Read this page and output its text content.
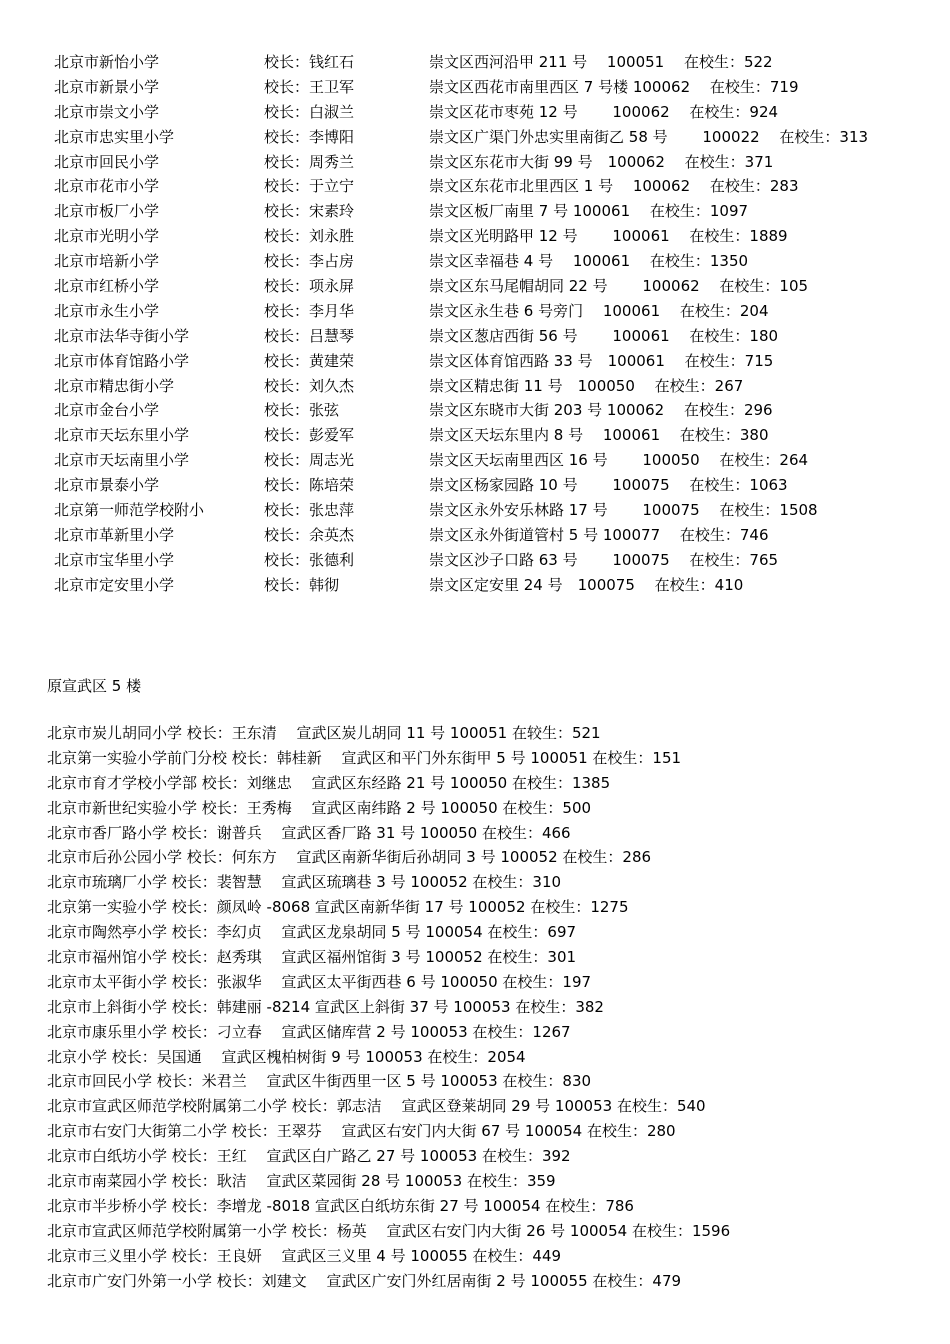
北京市新怡小学	校长：钱红石	崇文区西河沿甲 211 号　 100051　 在校生：522
北京市新景小学	校长：王卫军	崇文区西花市南里西区 7 号楼 100062　 在校生：719
北京市崇文小学	校长：白淑兰	崇文区花市枣苑 12 号　　 100062　 在校生：924
北京市忠实里小学	校长：李博阳	崇文区广渠门外忠实里南街乙 58 号　　 100022　 在校生：313
北京市回民小学	校长：周秀兰	崇文区东花市大街 99 号　100062　 在校生：371
北京市花市小学	校长：于立宁	崇文区东花市北里西区 1 号　 100062　 在校生：283
北京市板厂小学	校长：宋素玲	崇文区板厂南里 7 号 100061　 在校生：1097
北京市光明小学	校长：刘永胜	崇文区光明路甲 12 号　　 100061　 在校生：1889
北京市培新小学	校长：李占房	崇文区幸福巷 4 号　 100061　 在校生：1350
北京市红桥小学	校长：项永屏	崇文区东马尾帽胡同 22 号　　 100062　 在校生：105
北京市永生小学	校长：李月华	崇文区永生巷 6 号旁门　 100061　 在校生：204
北京市法华寺街小学	校长：吕慧琴	崇文区葱店西街 56 号　　 100061　 在校生：180
北京市体育馆路小学	校长：黄建荣	崇文区体育馆西路 33 号　100061　 在校生：715
北京市精忠街小学	校长：刘久杰	崇文区精忠街 11 号　100050　 在校生：267
北京市金台小学	校长：张弦	崇文区东晓市大街 203 号 100062　 在校生：296
北京市天坛东里小学	校长：彭爱军	崇文区天坛东里内 8 号　 100061　 在校生：380
北京市天坛南里小学	校长：周志光	崇文区天坛南里西区 16 号　　 100050　 在校生：264
北京市景泰小学	校长：陈培荣	崇文区杨家园路 10 号　　 100075　 在校生：1063
北京第一师范学校附小	校长：张忠萍	崇文区永外安乐林路 17 号　　 100075　 在校生：1508
北京市革新里小学	校长：余英杰	崇文区永外街道管村 5 号 100077　 在校生：746
北京市宝华里小学	校长：张德利	崇文区沙子口路 63 号　　 100075　 在校生：765
北京市定安里小学	校长：韩彻	崇文区定安里 24 号　100075　 在校生：410
原宣武区 5 楼
北京市炭儿胡同小学 校长：王东清　 宣武区炭儿胡同 11 号 100051 在较生：521
北京第一实验小学前门分校 校长：韩桂新　 宣武区和平门外东街甲 5 号 100051 在校生：151
北京市育才学校小学部 校长：刘继忠　 宣武区东经路 21 号 100050 在校生：1385
北京市新世纪实验小学 校长：王秀梅　 宣武区南纬路 2 号 100050 在校生：500
北京市香厂路小学 校长：谢普兵　 宣武区香厂路 31 号 100050 在校生：466
北京市后孙公园小学 校长：何东方　 宣武区南新华街后孙胡同 3 号 100052 在校生：286
北京市琉璃厂小学 校长：裴智慧　 宣武区琉璃巷 3 号 100052 在校生：310
北京第一实验小学 校长：颜凤岭 -8068 宣武区南新华街 17 号 100052 在校生：1275
北京市陶然亭小学 校长：李幻贞　 宣武区龙泉胡同 5 号 100054 在校生：697
北京市福州馆小学 校长：赵秀琪　 宣武区福州馆街 3 号 100052 在校生：301
北京市太平街小学 校长：张淑华　 宣武区太平街西巷 6 号 100050 在校生：197
北京市上斜街小学 校长：韩建丽 -8214 宣武区上斜街 37 号 100053 在校生：382
北京市康乐里小学 校长：刁立春　 宣武区储库营 2 号 100053 在校生：1267
北京小学 校长：吴国通　 宣武区槐柏树街 9 号 100053 在校生：2054
北京市回民小学 校长：米君兰　 宣武区牛街西里一区 5 号 100053 在校生：830
北京市宣武区师范学校附属第二小学 校长：郭志洁　 宣武区登莱胡同 29 号 100053 在校生：540
北京市右安门大街第二小学 校长：王翠芬　 宣武区右安门内大街 67 号 100054 在校生：280
北京市白纸坊小学 校长：王红　 宣武区白广路乙 27 号 100053 在校生：392
北京市南菜园小学 校长：耿洁　 宣武区菜园街 28 号 100053 在校生：359
北京市半步桥小学 校长：李增龙 -8018 宣武区白纸坊东街 27 号 100054 在校生：786
北京市宣武区师范学校附属第一小学 校长：杨英　 宣武区右安门内大街 26 号 100054 在校生：1596
北京市三义里小学 校长：王良妍　 宣武区三义里 4 号 100055 在校生：449
北京市广安门外第一小学 校长：刘建文　 宣武区广安门外红居南街 2 号 100055 在校生：479
